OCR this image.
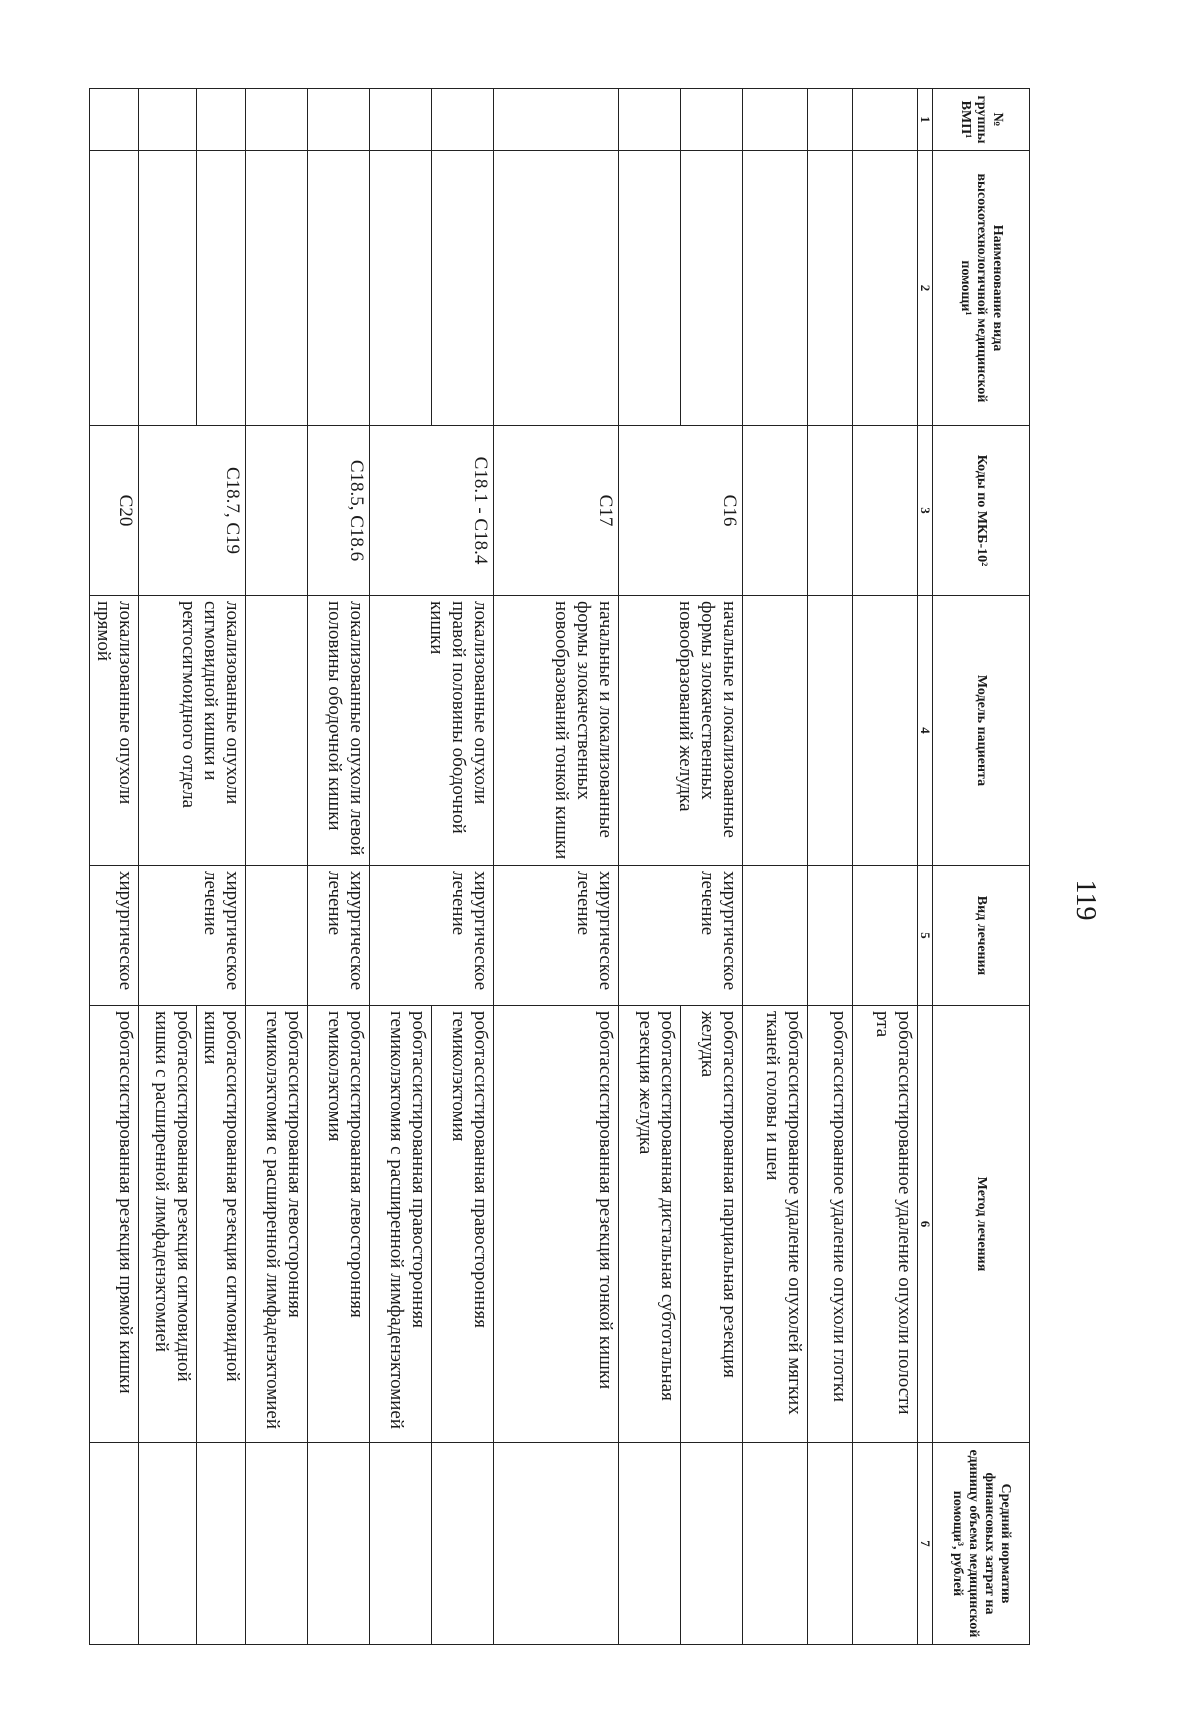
119
№ группы ВМП¹	Наименование вида высокотехнологичной медицинской помощи¹	Коды по МКБ-10²	Модель пациента	Вид лечения	Метод лечения	Средний норматив финансовых затрат на единицу объема медицинской помощи³, рублей
1	2	3	4	5	6	7
					роботассистированное удаление опухоли полости рта	
					роботассистированное удаление опухоли глотки	
					роботассистированное удаление опухолей мягких тканей головы и шеи	
		C16	начальные и локализованные формы злокачественных новообразований желудка	хирургическое лечение	роботассистированная парциальная резекция желудка	
					роботассистированная дистальная субтотальная резекция желудка	
		C17	начальные и локализованные формы злокачественных новообразований тонкой кишки	хирургическое лечение	роботассистированная резекция тонкой кишки	
		C18.1 - C18.4	локализованные опухоли правой половины ободочной кишки	хирургическое лечение	роботассистированная правосторонняя гемиколэктомия	
					роботассистированная правосторонняя гемиколэктомия с расширенной лимфаденэктомией	
		C18.5, C18.6	локализованные опухоли левой половины ободочной кишки	хирургическое лечение	роботассистированная левосторонняя гемиколэктомия	
					роботассистированная левосторонняя гемиколэктомия с расширенной лимфаденэктомией	
		C18.7, C19	локализованные опухоли сигмовидной кишки и ректосигмоидного отдела	хирургическое лечение	роботассистированная резекция сигмовидной кишки	
					роботассистированная резекция сигмовидной кишки с расширенной лимфаденэктомией	
		C20	локализованные опухоли прямой	хирургическое	роботассистированная резекция прямой кишки	
